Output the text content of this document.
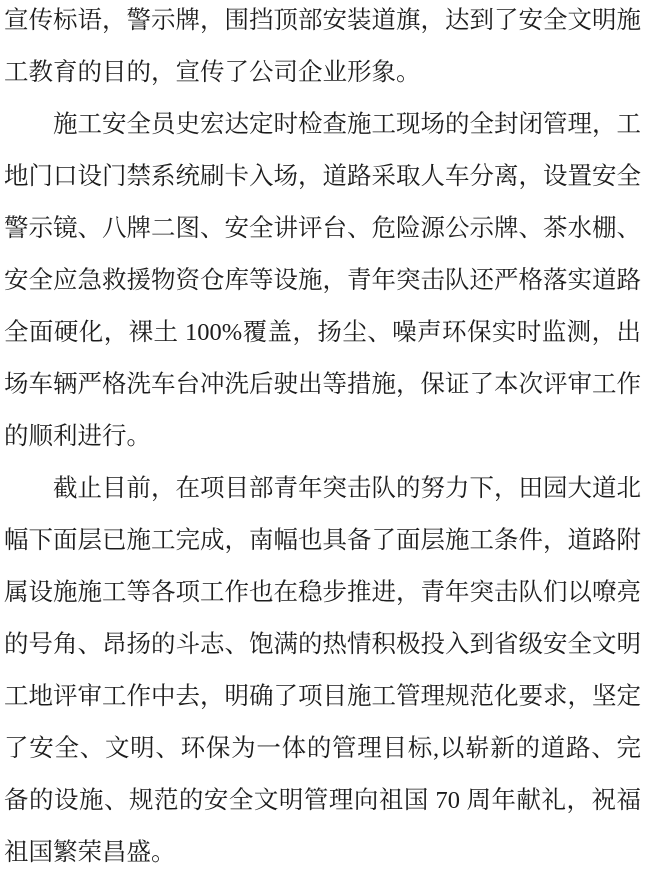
宣传标语，警示牌，围挡顶部安装道旗，达到了安全文明施工教育的目的，宣传了公司企业形象。

施工安全员史宏达定时检查施工现场的全封闭管理，工地门口设门禁系统刷卡入场，道路采取人车分离，设置安全警示镜、八牌二图、安全讲评台、危险源公示牌、茶水棚、安全应急救援物资仓库等设施，青年突击队还严格落实道路全面硬化，裸土 100%覆盖，扬尘、噪声环保实时监测，出场车辆严格洗车台冲洗后驶出等措施，保证了本次评审工作的顺利进行。

截止目前，在项目部青年突击队的努力下，田园大道北幅下面层已施工完成，南幅也具备了面层施工条件，道路附属设施施工等各项工作也在稳步推进，青年突击队们以嘹亮的号角、昂扬的斗志、饱满的热情积极投入到省级安全文明工地评审工作中去，明确了项目施工管理规范化要求，坚定了安全、文明、环保为一体的管理目标,以崭新的道路、完备的设施、规范的安全文明管理向祖国 70 周年献礼，祝福祖国繁荣昌盛。
